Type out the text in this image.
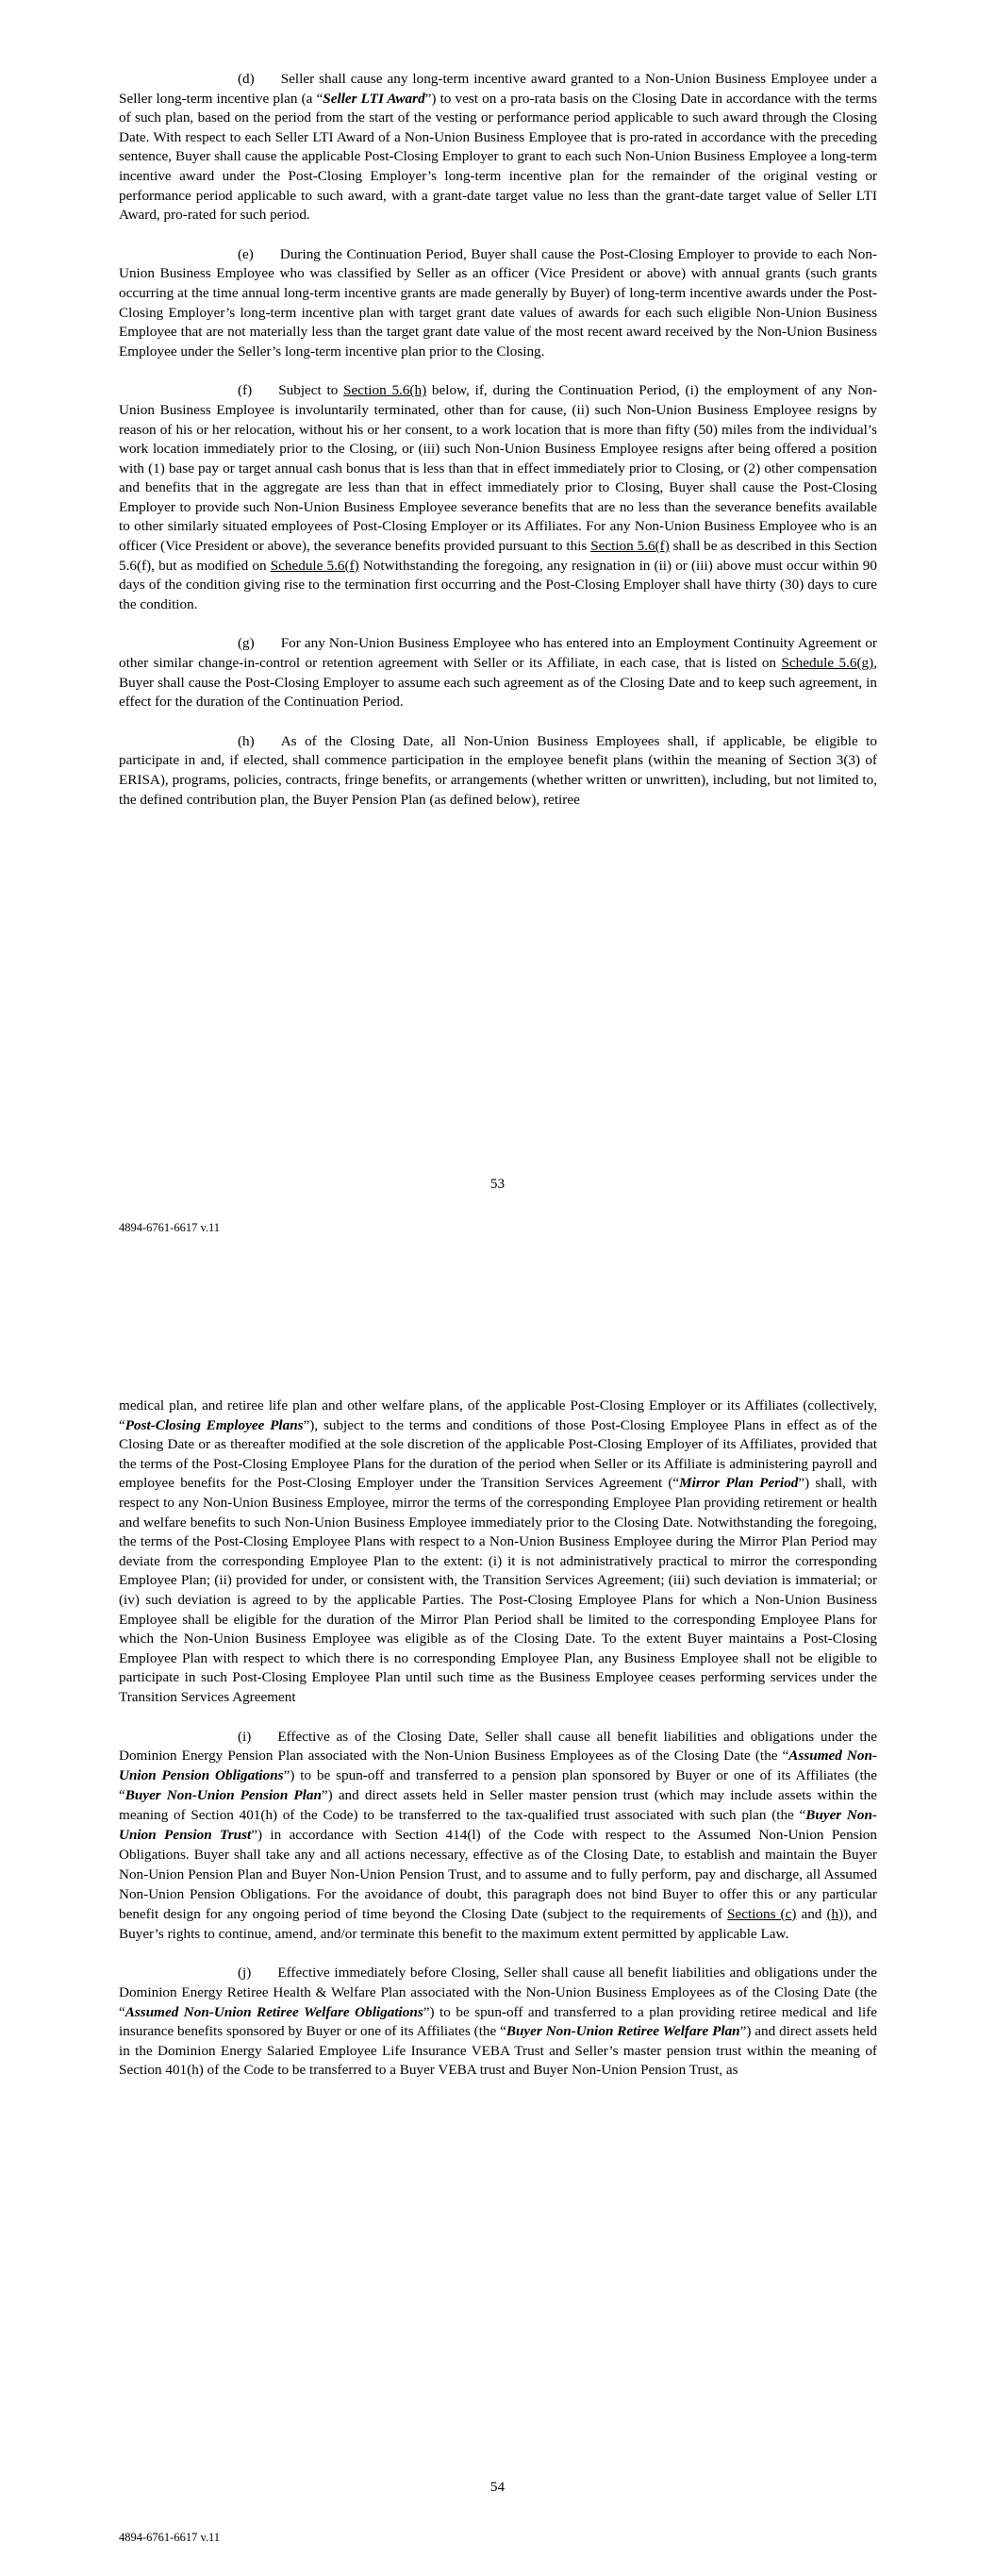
(d) Seller shall cause any long-term incentive award granted to a Non-Union Business Employee under a Seller long-term incentive plan (a “Seller LTI Award”) to vest on a pro-rata basis on the Closing Date in accordance with the terms of such plan, based on the period from the start of the vesting or performance period applicable to such award through the Closing Date. With respect to each Seller LTI Award of a Non-Union Business Employee that is pro-rated in accordance with the preceding sentence, Buyer shall cause the applicable Post-Closing Employer to grant to each such Non-Union Business Employee a long-term incentive award under the Post-Closing Employer’s long-term incentive plan for the remainder of the original vesting or performance period applicable to such award, with a grant-date target value no less than the grant-date target value of Seller LTI Award, pro-rated for such period.

(e) During the Continuation Period, Buyer shall cause the Post-Closing Employer to provide to each Non-Union Business Employee who was classified by Seller as an officer (Vice President or above) with annual grants (such grants occurring at the time annual long-term incentive grants are made generally by Buyer) of long-term incentive awards under the Post-Closing Employer’s long-term incentive plan with target grant date values of awards for each such eligible Non-Union Business Employee that are not materially less than the target grant date value of the most recent award received by the Non-Union Business Employee under the Seller’s long-term incentive plan prior to the Closing.

(f) Subject to Section 5.6(h) below, if, during the Continuation Period, (i) the employment of any Non-Union Business Employee is involuntarily terminated, other than for cause, (ii) such Non-Union Business Employee resigns by reason of his or her relocation, without his or her consent, to a work location that is more than fifty (50) miles from the individual’s work location immediately prior to the Closing, or (iii) such Non-Union Business Employee resigns after being offered a position with (1) base pay or target annual cash bonus that is less than that in effect immediately prior to Closing, or (2) other compensation and benefits that in the aggregate are less than that in effect immediately prior to Closing, Buyer shall cause the Post-Closing Employer to provide such Non-Union Business Employee severance benefits that are no less than the severance benefits available to other similarly situated employees of Post-Closing Employer or its Affiliates. For any Non-Union Business Employee who is an officer (Vice President or above), the severance benefits provided pursuant to this Section 5.6(f) shall be as described in this Section 5.6(f), but as modified on Schedule 5.6(f) Notwithstanding the foregoing, any resignation in (ii) or (iii) above must occur within 90 days of the condition giving rise to the termination first occurring and the Post-Closing Employer shall have thirty (30) days to cure the condition.

(g) For any Non-Union Business Employee who has entered into an Employment Continuity Agreement or other similar change-in-control or retention agreement with Seller or its Affiliate, in each case, that is listed on Schedule 5.6(g), Buyer shall cause the Post-Closing Employer to assume each such agreement as of the Closing Date and to keep such agreement, in effect for the duration of the Continuation Period.

(h) As of the Closing Date, all Non-Union Business Employees shall, if applicable, be eligible to participate in and, if elected, shall commence participation in the employee benefit plans (within the meaning of Section 3(3) of ERISA), programs, policies, contracts, fringe benefits, or arrangements (whether written or unwritten), including, but not limited to, the defined contribution plan, the Buyer Pension Plan (as defined below), retiree

53
4894-6761-6617 v.11

medical plan, and retiree life plan and other welfare plans, of the applicable Post-Closing Employer or its Affiliates (collectively, “Post-Closing Employee Plans”), subject to the terms and conditions of those Post-Closing Employee Plans in effect as of the Closing Date or as thereafter modified at the sole discretion of the applicable Post-Closing Employer of its Affiliates, provided that the terms of the Post-Closing Employee Plans for the duration of the period when Seller or its Affiliate is administering payroll and employee benefits for the Post-Closing Employer under the Transition Services Agreement (“Mirror Plan Period”) shall, with respect to any Non-Union Business Employee, mirror the terms of the corresponding Employee Plan providing retirement or health and welfare benefits to such Non-Union Business Employee immediately prior to the Closing Date. Notwithstanding the foregoing, the terms of the Post-Closing Employee Plans with respect to a Non-Union Business Employee during the Mirror Plan Period may deviate from the corresponding Employee Plan to the extent: (i) it is not administratively practical to mirror the corresponding Employee Plan; (ii) provided for under, or consistent with, the Transition Services Agreement; (iii) such deviation is immaterial; or (iv) such deviation is agreed to by the applicable Parties. The Post-Closing Employee Plans for which a Non-Union Business Employee shall be eligible for the duration of the Mirror Plan Period shall be limited to the corresponding Employee Plans for which the Non-Union Business Employee was eligible as of the Closing Date. To the extent Buyer maintains a Post-Closing Employee Plan with respect to which there is no corresponding Employee Plan, any Business Employee shall not be eligible to participate in such Post-Closing Employee Plan until such time as the Business Employee ceases performing services under the Transition Services Agreement

(i) Effective as of the Closing Date, Seller shall cause all benefit liabilities and obligations under the Dominion Energy Pension Plan associated with the Non-Union Business Employees as of the Closing Date (the “Assumed Non-Union Pension Obligations”) to be spun-off and transferred to a pension plan sponsored by Buyer or one of its Affiliates (the “Buyer Non-Union Pension Plan”) and direct assets held in Seller master pension trust (which may include assets within the meaning of Section 401(h) of the Code) to be transferred to the tax-qualified trust associated with such plan (the “Buyer Non-Union Pension Trust”) in accordance with Section 414(l) of the Code with respect to the Assumed Non-Union Pension Obligations. Buyer shall take any and all actions necessary, effective as of the Closing Date, to establish and maintain the Buyer Non-Union Pension Plan and Buyer Non-Union Pension Trust, and to assume and to fully perform, pay and discharge, all Assumed Non-Union Pension Obligations. For the avoidance of doubt, this paragraph does not bind Buyer to offer this or any particular benefit design for any ongoing period of time beyond the Closing Date (subject to the requirements of Sections (c) and (h)), and Buyer’s rights to continue, amend, and/or terminate this benefit to the maximum extent permitted by applicable Law.

(j) Effective immediately before Closing, Seller shall cause all benefit liabilities and obligations under the Dominion Energy Retiree Health & Welfare Plan associated with the Non-Union Business Employees as of the Closing Date (the “Assumed Non-Union Retiree Welfare Obligations”) to be spun-off and transferred to a plan providing retiree medical and life insurance benefits sponsored by Buyer or one of its Affiliates (the “Buyer Non-Union Retiree Welfare Plan”) and direct assets held in the Dominion Energy Salaried Employee Life Insurance VEBA Trust and Seller’s master pension trust within the meaning of Section 401(h) of the Code to be transferred to a Buyer VEBA trust and Buyer Non-Union Pension Trust, as

54
4894-6761-6617 v.11
